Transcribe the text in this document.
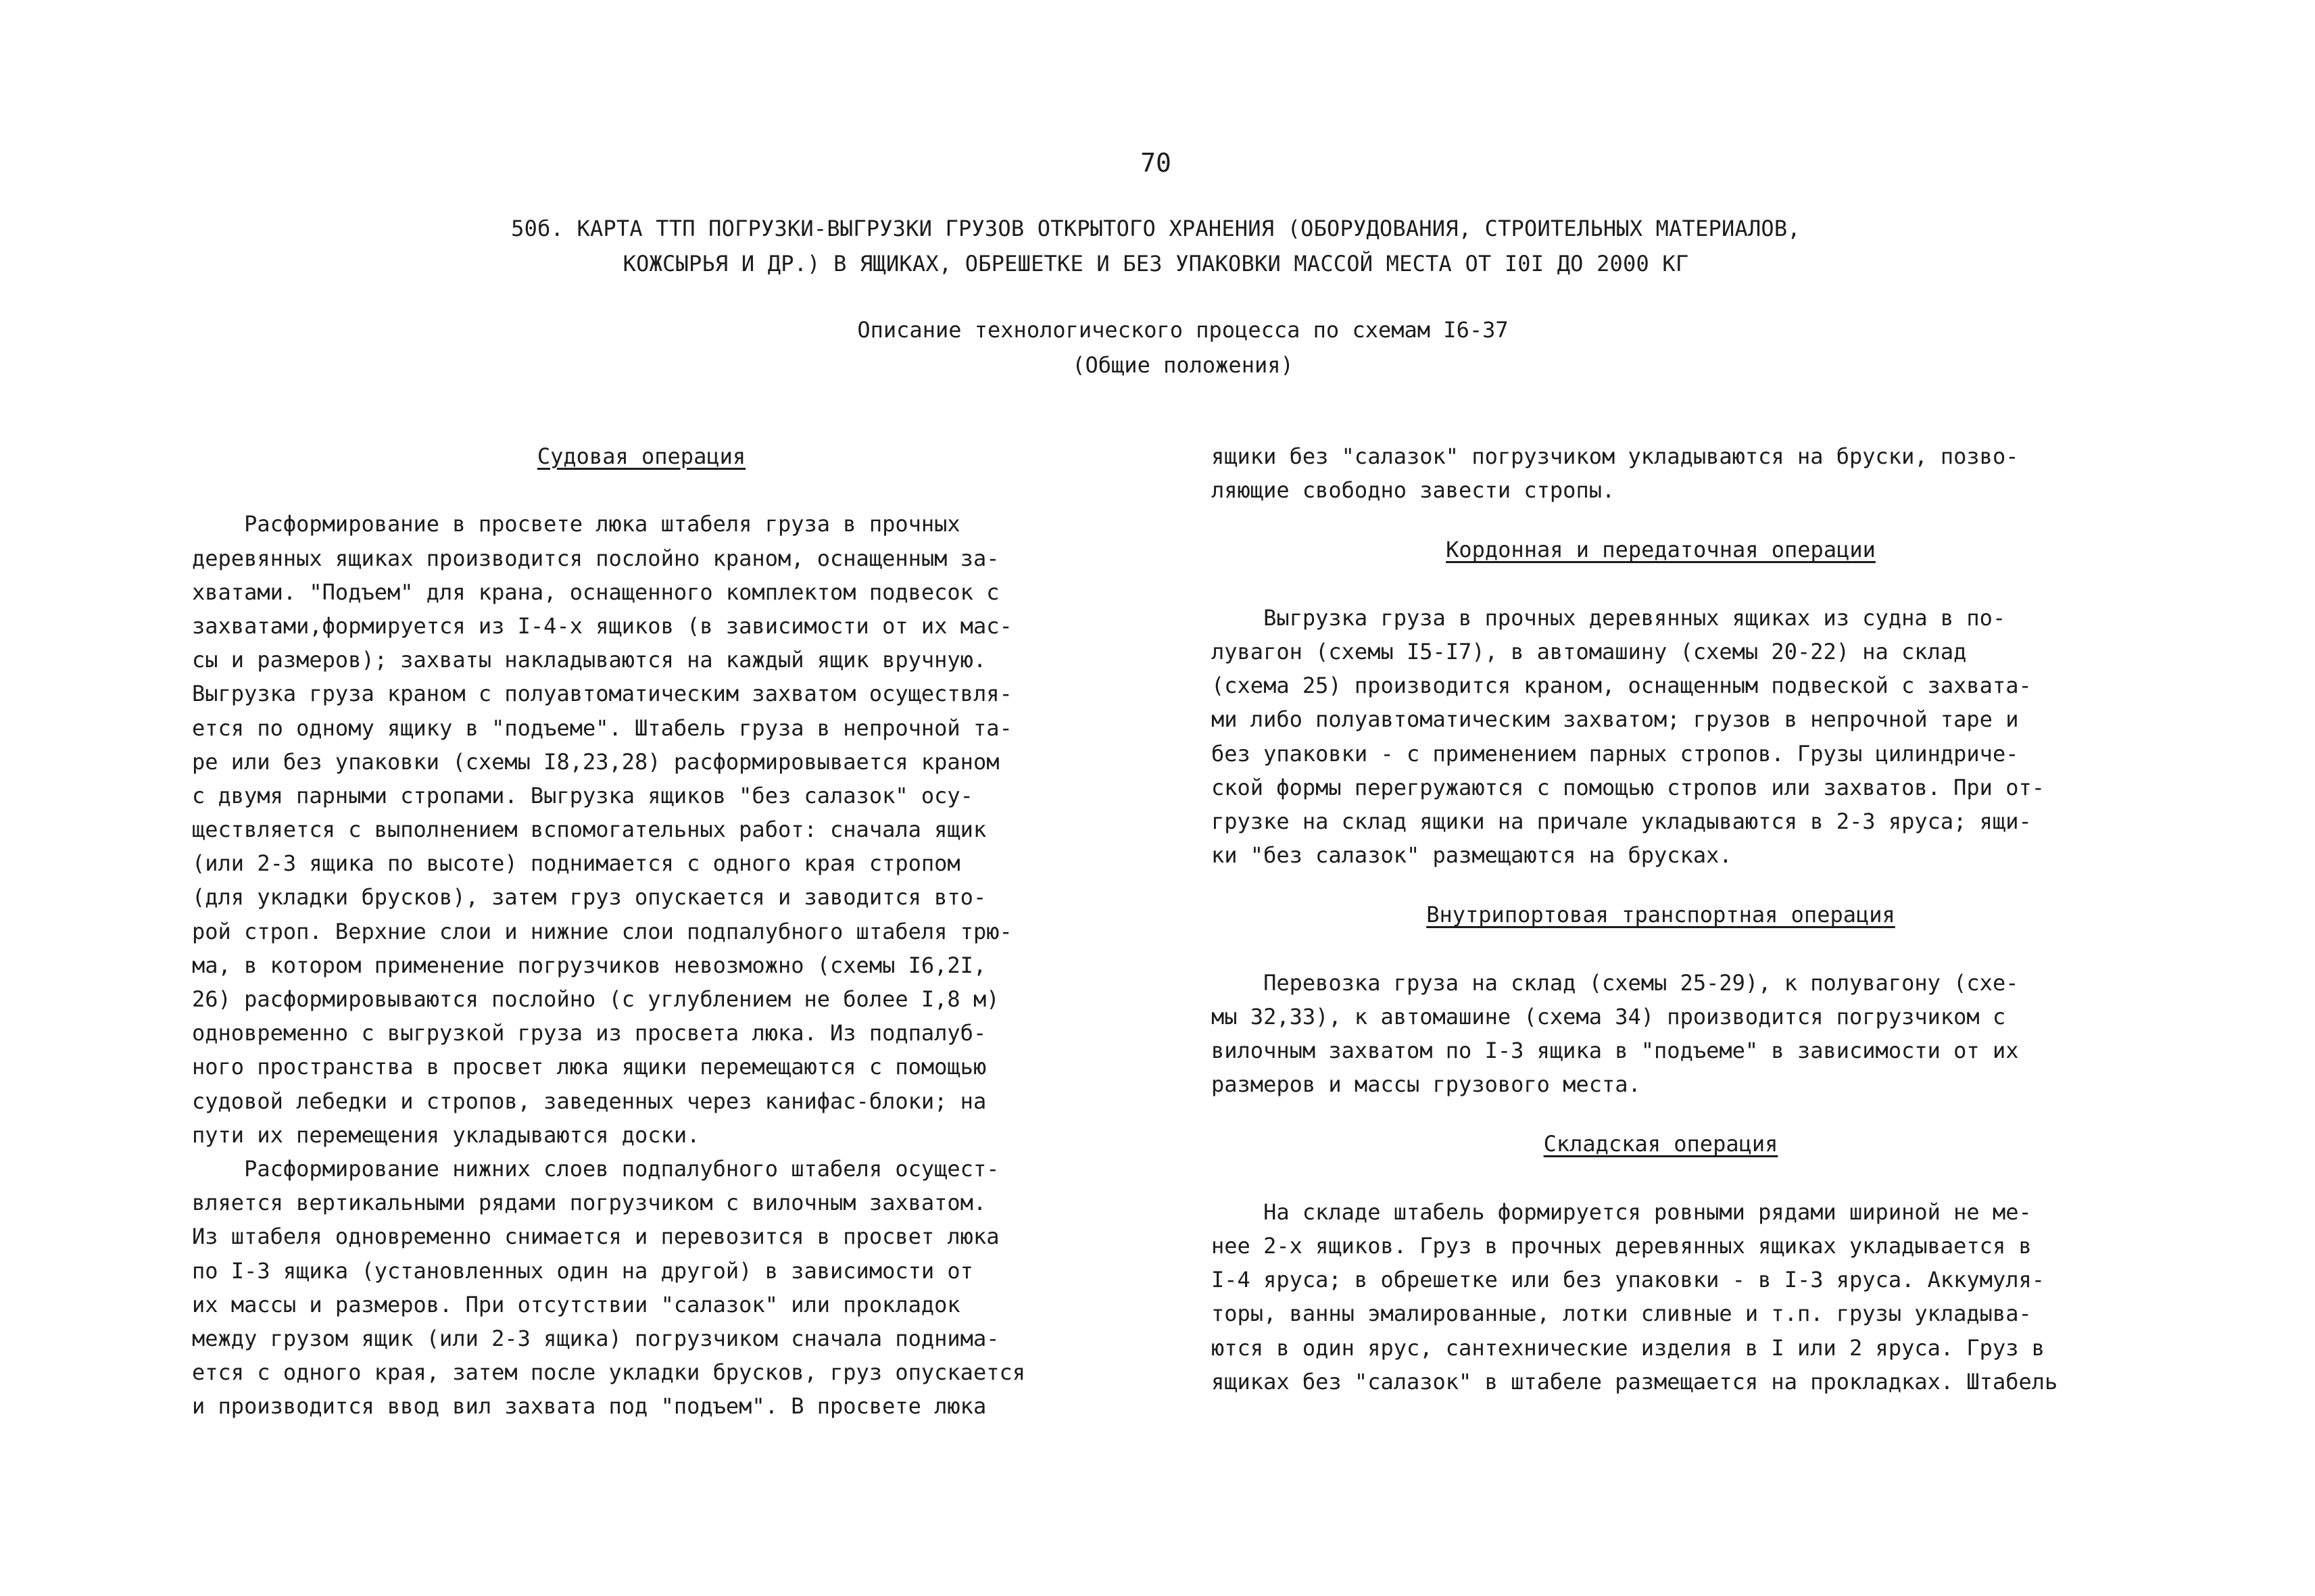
70
50б. КАРТА ТТП ПОГРУЗКИ-ВЫГРУЗКИ ГРУЗОВ ОТКРЫТОГО ХРАНЕНИЯ (ОБОРУДОВАНИЯ, СТРОИТЕЛЬНЫХ МАТЕРИАЛОВ,
КОЖСЫРЬЯ И ДР.) В ЯЩИКАХ, ОБРЕШЕТКЕ И БЕЗ УПАКОВКИ МАССОЙ МЕСТА ОТ I0I ДО 2000 КГ
Описание технологического процесса по схемам I6-37
(Общие положения)
Судовая операция
Расформирование в просвете люка штабеля груза в прочных
деревянных ящиках производится послойно краном, оснащенным за-
хватами. "Подъем" для крана, оснащенного комплектом подвесок с
захватами,формируется из I-4-х ящиков (в зависимости от их мас-
сы и размеров); захваты накладываются на каждый ящик вручную.
Выгрузка груза краном с полуавтоматическим захватом осуществля-
ется по одному ящику в "подъеме". Штабель груза в непрочной та-
ре или без упаковки (схемы I8,23,28) расформировывается краном
с двумя парными стропами. Выгрузка ящиков "без салазок" осу-
ществляется с выполнением вспомогательных работ: сначала ящик
(или 2-3 ящика по высоте) поднимается с одного края стропом
(для укладки брусков), затем груз опускается и заводится вто-
рой строп. Верхние слои и нижние слои подпалубного штабеля трю-
ма, в котором применение погрузчиков невозможно (схемы I6,2I,
26) расформировываются послойно (с углублением не более I,8 м)
одновременно с выгрузкой груза из просвета люка. Из подпалуб-
ного пространства в просвет люка ящики перемещаются с помощью
судовой лебедки и стропов, заведенных через канифас-блоки; на
пути их перемещения укладываются доски.
Расформирование нижних слоев подпалубного штабеля осущест-
вляется вертикальными рядами погрузчиком с вилочным захватом.
Из штабеля одновременно снимается и перевозится в просвет люка
по I-3 ящика (установленных один на другой) в зависимости от
их массы и размеров. При отсутствии "салазок" или прокладок
между грузом ящик (или 2-3 ящика) погрузчиком сначала поднима-
ется с одного края, затем после укладки брусков, груз опускается
и производится ввод вил захвата под "подъем". В просвете люка
ящики без "салазок" погрузчиком укладываются на бруски, позво-
ляющие свободно завести стропы.
Кордонная и передаточная операции
Выгрузка груза в прочных деревянных ящиках из судна в по-
лувагон (схемы I5-I7), в автомашину (схемы 20-22) на склад
(схема 25) производится краном, оснащенным подвеской с захвата-
ми либо полуавтоматическим захватом; грузов в непрочной таре и
без упаковки - с применением парных стропов. Грузы цилиндриче-
ской формы перегружаются с помощью стропов или захватов. При от-
грузке на склад ящики на причале укладываются в 2-3 яруса; ящи-
ки "без салазок" размещаются на брусках.
Внутрипортовая транспортная операция
Перевозка груза на склад (схемы 25-29), к полувагону (схе-
мы 32,33), к автомашине (схема 34) производится погрузчиком с
вилочным захватом по I-3 ящика в "подъеме" в зависимости от их
размеров и массы грузового места.
Складская операция
На складе штабель формируется ровными рядами шириной не ме-
нее 2-х ящиков. Груз в прочных деревянных ящиках укладывается в
I-4 яруса; в обрешетке или без упаковки - в I-3 яруса. Аккумуля-
торы, ванны эмалированные, лотки сливные и т.п. грузы укладыва-
ются в один ярус, сантехнические изделия в I или 2 яруса. Груз в
ящиках без "салазок" в штабеле размещается на прокладках. Штабель
